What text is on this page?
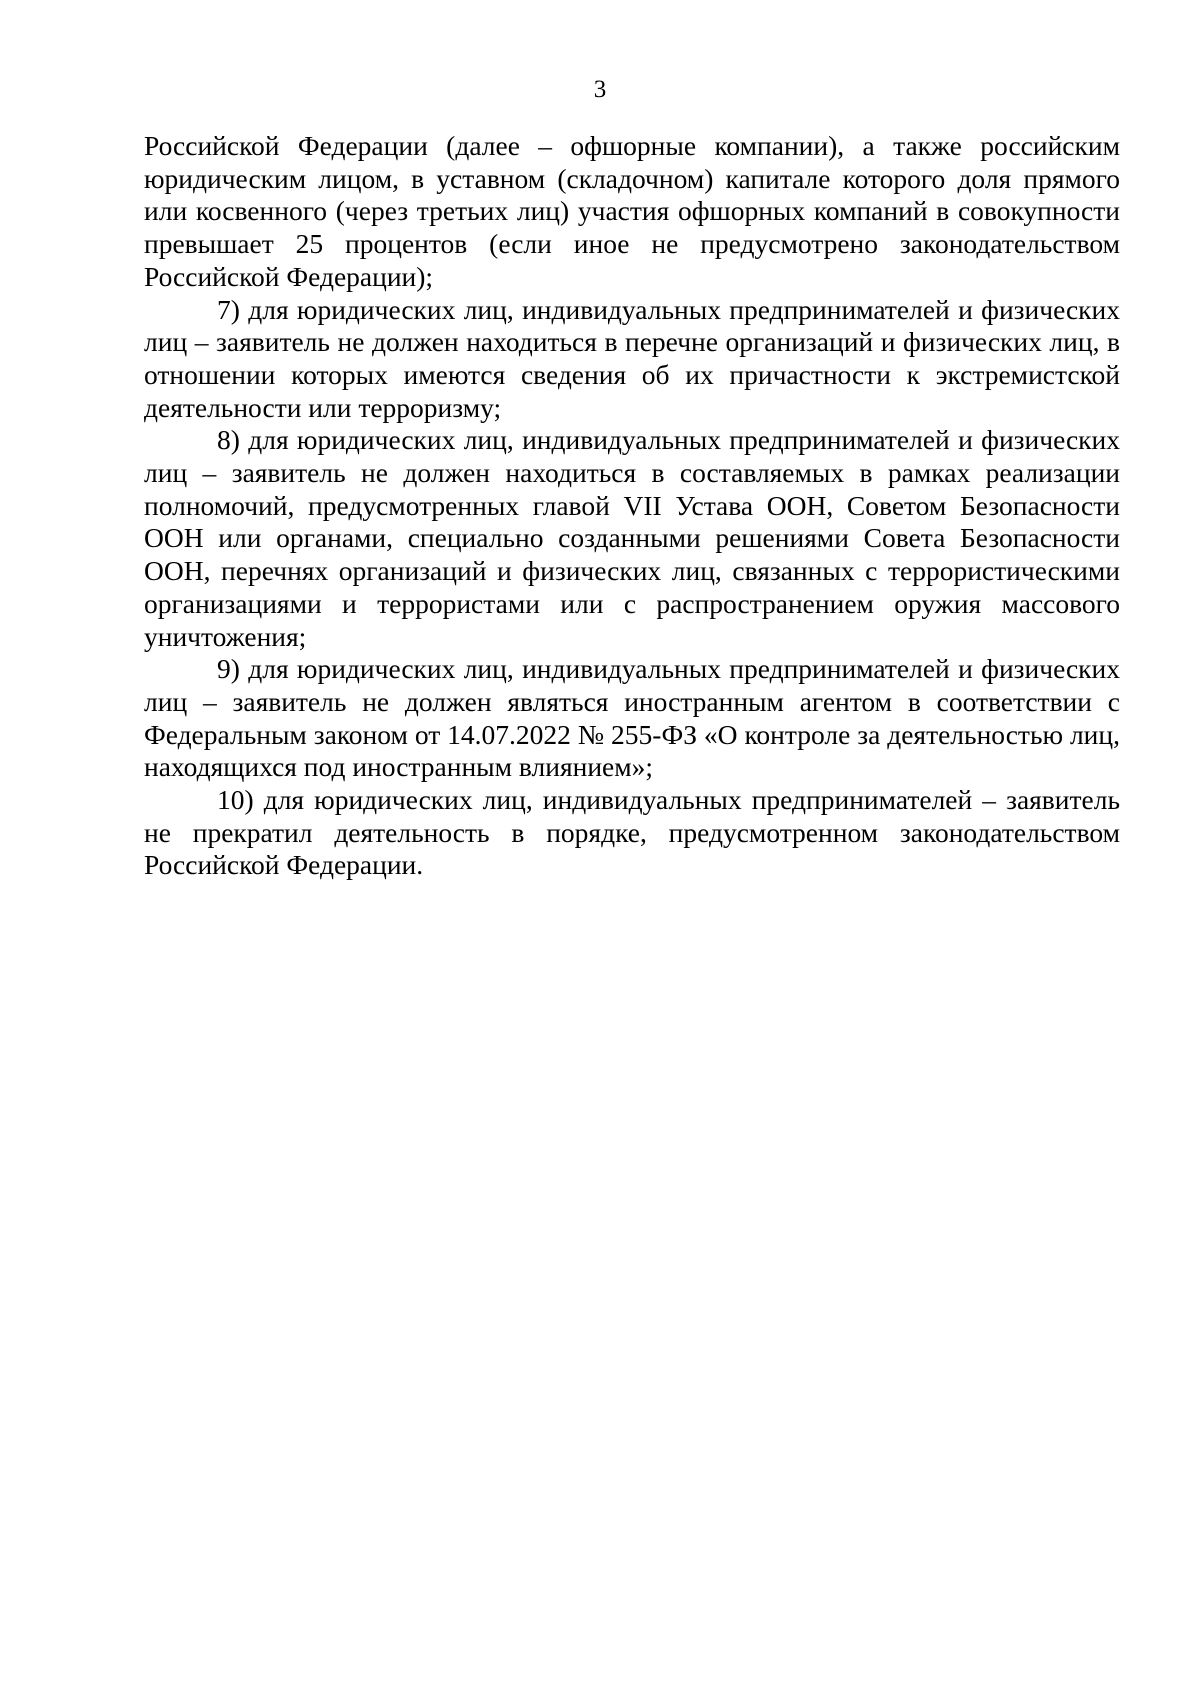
3

Российской Федерации (далее – офшорные компании), а также российским юридическим лицом, в уставном (складочном) капитале которого доля прямого или косвенного (через третьих лиц) участия офшорных компаний в совокупности превышает 25 процентов (если иное не предусмотрено законодательством Российской Федерации);

7) для юридических лиц, индивидуальных предпринимателей и физических лиц – заявитель не должен находиться в перечне организаций и физических лиц, в отношении которых имеются сведения об их причастности к экстремистской деятельности или терроризму;

8) для юридических лиц, индивидуальных предпринимателей и физических лиц – заявитель не должен находиться в составляемых в рамках реализации полномочий, предусмотренных главой VII Устава ООН, Советом Безопасности ООН или органами, специально созданными решениями Совета Безопасности ООН, перечнях организаций и физических лиц, связанных с террористическими организациями и террористами или с распространением оружия массового уничтожения;

9) для юридических лиц, индивидуальных предпринимателей и физических лиц – заявитель не должен являться иностранным агентом в соответствии с Федеральным законом от 14.07.2022 № 255-ФЗ «О контроле за деятельностью лиц, находящихся под иностранным влиянием»;

10) для юридических лиц, индивидуальных предпринимателей – заявитель не прекратил деятельность в порядке, предусмотренном законодательством Российской Федерации.
